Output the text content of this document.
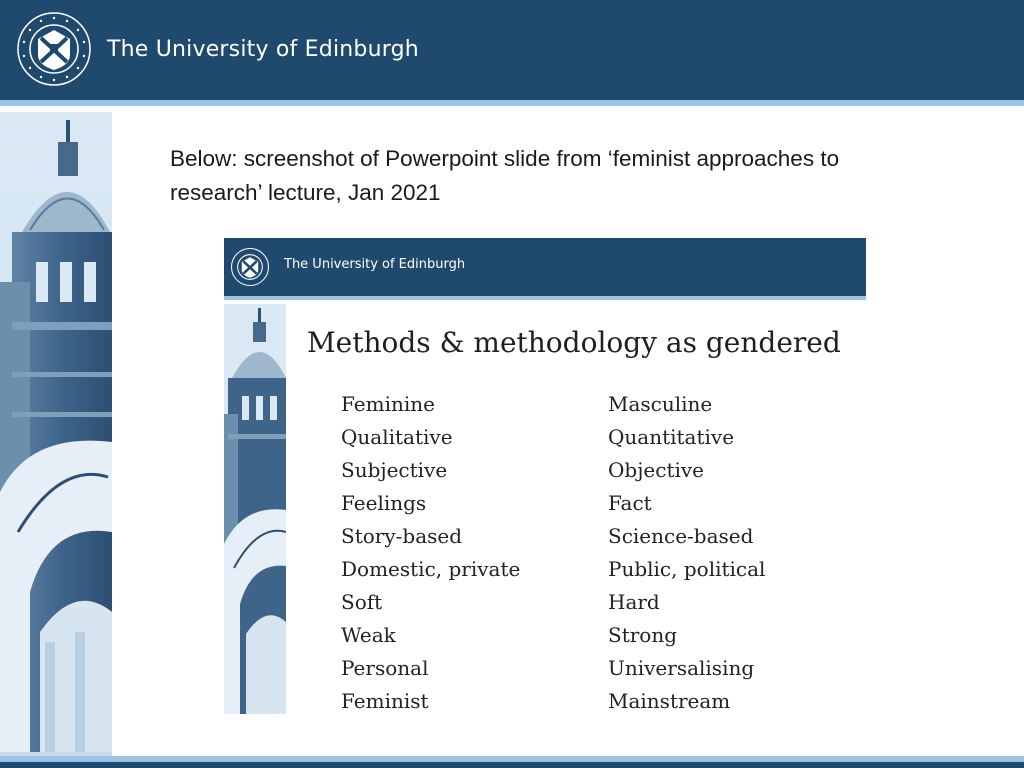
The University of Edinburgh
Below: screenshot of Powerpoint slide from ‘feminist approaches to
research’ lecture, Jan 2021
The University of Edinburgh
Methods & methodology as gendered
Feminine
Qualitative
Subjective
Feelings
Story-based
Domestic, private
Soft
Weak
Personal
Feminist
Masculine
Quantitative
Objective
Fact
Science-based
Public, political
Hard
Strong
Universalising
Mainstream
